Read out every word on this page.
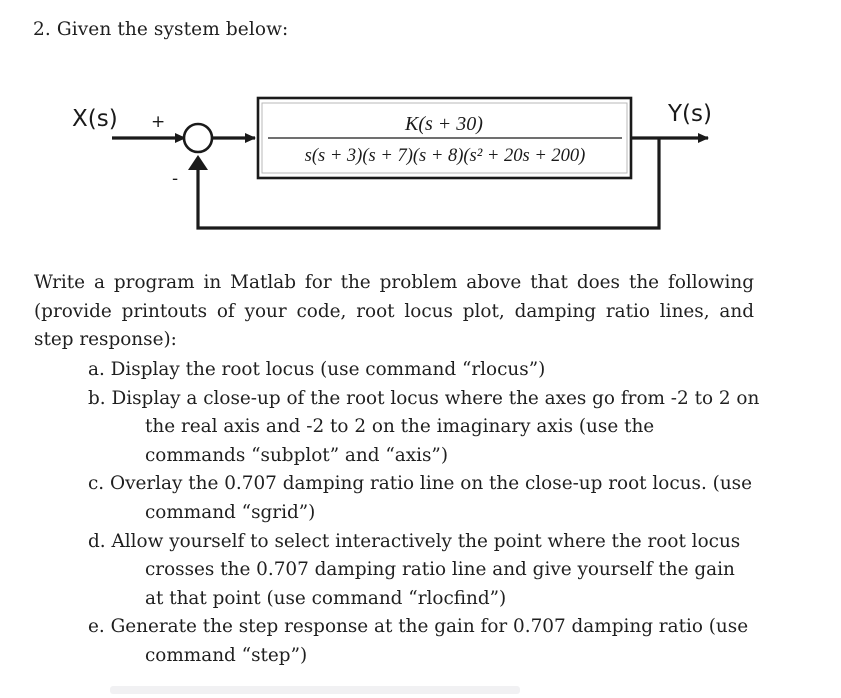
2. Given the system below:
X(s)	Y(s)
+
-
K(s + 30)
s(s + 3)(s + 7)(s + 8)(s² + 20s + 200)
Write a program in Matlab for the problem above that does the following (provide printouts of your code, root locus plot, damping ratio lines, and step response):
a. Display the root locus (use command “rlocus”)
b. Display a close-up of the root locus where the axes go from -2 to 2 on
the real axis and -2 to 2 on the imaginary axis (use the commands “subplot” and “axis”)
c. Overlay the 0.707 damping ratio line on the close-up root locus. (use
command “sgrid”)
d. Allow yourself to select interactively the point where the root locus
crosses the 0.707 damping ratio line and give yourself the gain at that point (use command “rlocfind”)
e. Generate the step response at the gain for 0.707 damping ratio (use
command “step”)
